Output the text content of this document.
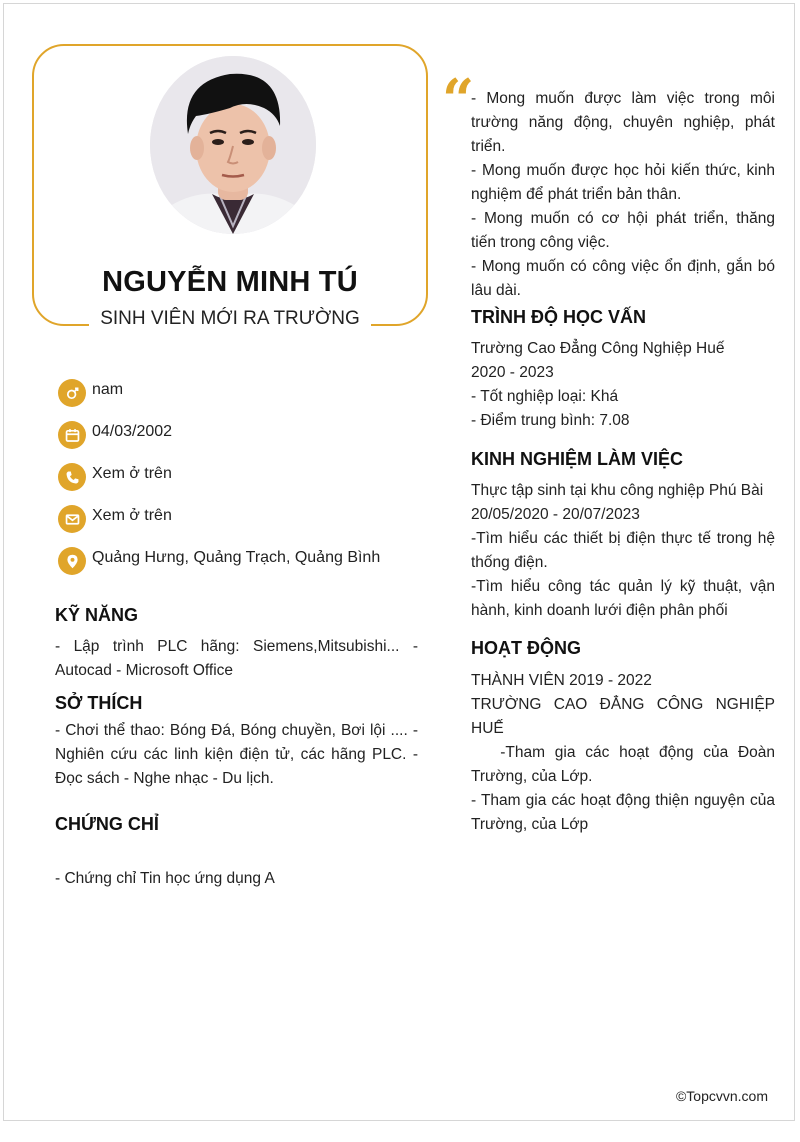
NGUYỄN MINH TÚ
SINH VIÊN MỚI RA TRƯỜNG
nam
04/03/2002
Xem ở trên
Xem ở trên
Quảng Hưng, Quảng Trạch, Quảng Bình
KỸ NĂNG
- Lập trình PLC hãng: Siemens,Mitsubishi... - Autocad - Microsoft Office
SỞ THÍCH
- Chơi thể thao: Bóng Đá, Bóng chuyền, Bơi lội .... - Nghiên cứu các linh kiện điện tử, các hãng PLC. - Đọc sách - Nghe nhạc - Du lịch.
CHỨNG CHỈ
- Chứng chỉ Tin học ứng dụng A
“
- Mong muốn được làm việc trong môi trường năng động, chuyên nghiệp, phát triển.
- Mong muốn được học hỏi kiến thức, kinh nghiệm để phát triển bản thân.
- Mong muốn có cơ hội phát triển, thăng tiến trong công việc.
- Mong muốn có công việc ổn định, gắn bó lâu dài.
TRÌNH ĐỘ HỌC VẤN
Trường Cao Đẳng Công Nghiệp Huế
2020 - 2023
- Tốt nghiệp loại: Khá
- Điểm trung bình: 7.08
KINH NGHIỆM LÀM VIỆC
Thực tập sinh tại khu công nghiệp Phú Bài
20/05/2020 - 20/07/2023
-Tìm hiểu các thiết bị điện thực tế trong hệ thống điện.
-Tìm hiểu công tác quản lý kỹ thuật, vận hành, kinh doanh lưới điện phân phối
HOẠT ĐỘNG
THÀNH VIÊN 2019 - 2022
TRƯỜNG CAO ĐẲNG CÔNG NGHIỆP HUẾ
-Tham gia các hoạt động của Đoàn Trường, của Lớp.
- Tham gia các hoạt động thiện nguyện của Trường, của Lớp
©Topcvvn.com
